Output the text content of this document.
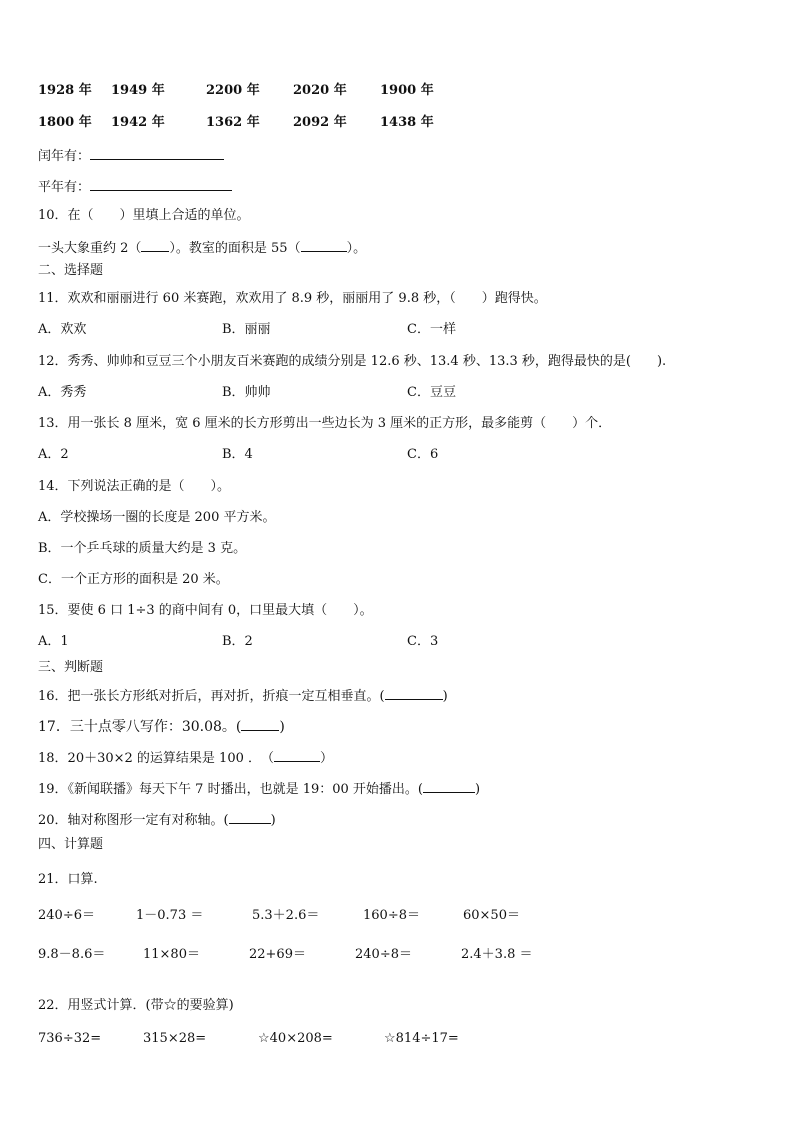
1928 年 1949 年	2200 年	2020 年	1900 年
1800 年 1942 年	1362 年	2092 年	1438 年
闰年有：
平年有：
10．在（　　）里填上合适的单位。
一头大象重约 2（ ）。教室的面积是 55（	）。
二、选择题
11．欢欢和丽丽进行 60 米赛跑，欢欢用了 8.9 秒，丽丽用了 9.8 秒，（　　）跑得快。
A．欢欢	B．丽丽	C．一样
12．秀秀、帅帅和豆豆三个小朋友百米赛跑的成绩分别是 12.6 秒、13.4 秒、13.3 秒，跑得最快的是(　　).
A．秀秀	B．帅帅	C．豆豆
13．用一张长 8 厘米，宽 6 厘米的长方形剪出一些边长为 3 厘米的正方形，最多能剪（　　）个．
A．2	B．4	C．6
14．下列说法正确的是（　　）。
A．学校操场一圈的长度是 200 平方米。
B．一个乒乓球的质量大约是 3 克。
C．一个正方形的面积是 20 米。
15．要使 6 口 1÷3 的商中间有 0，口里最大填（　　）。
A．1	B．2	C．3
三、判断题
16．把一张长方形纸对折后，再对折，折痕一定互相垂直。(	)
17．三十点零八写作：30.08。(	)
18．20＋30×2 的运算结果是 100 ．　（	）
19．《新闻联播》每天下午 7 时播出，也就是 19：00 开始播出。(	)
20．轴对称图形一定有对称轴。(	)
四、计算题
21．口算.
240÷6＝	1－0.73 ＝	5.3＋2.6＝	160÷8＝	60×50＝
9.8－8.6＝	11×80＝	22+69＝	240÷8＝	2.4＋3.8 ＝
22．用竖式计算．(带☆的要验算)
736÷32=	315×28=	☆40×208=	☆814÷17=
